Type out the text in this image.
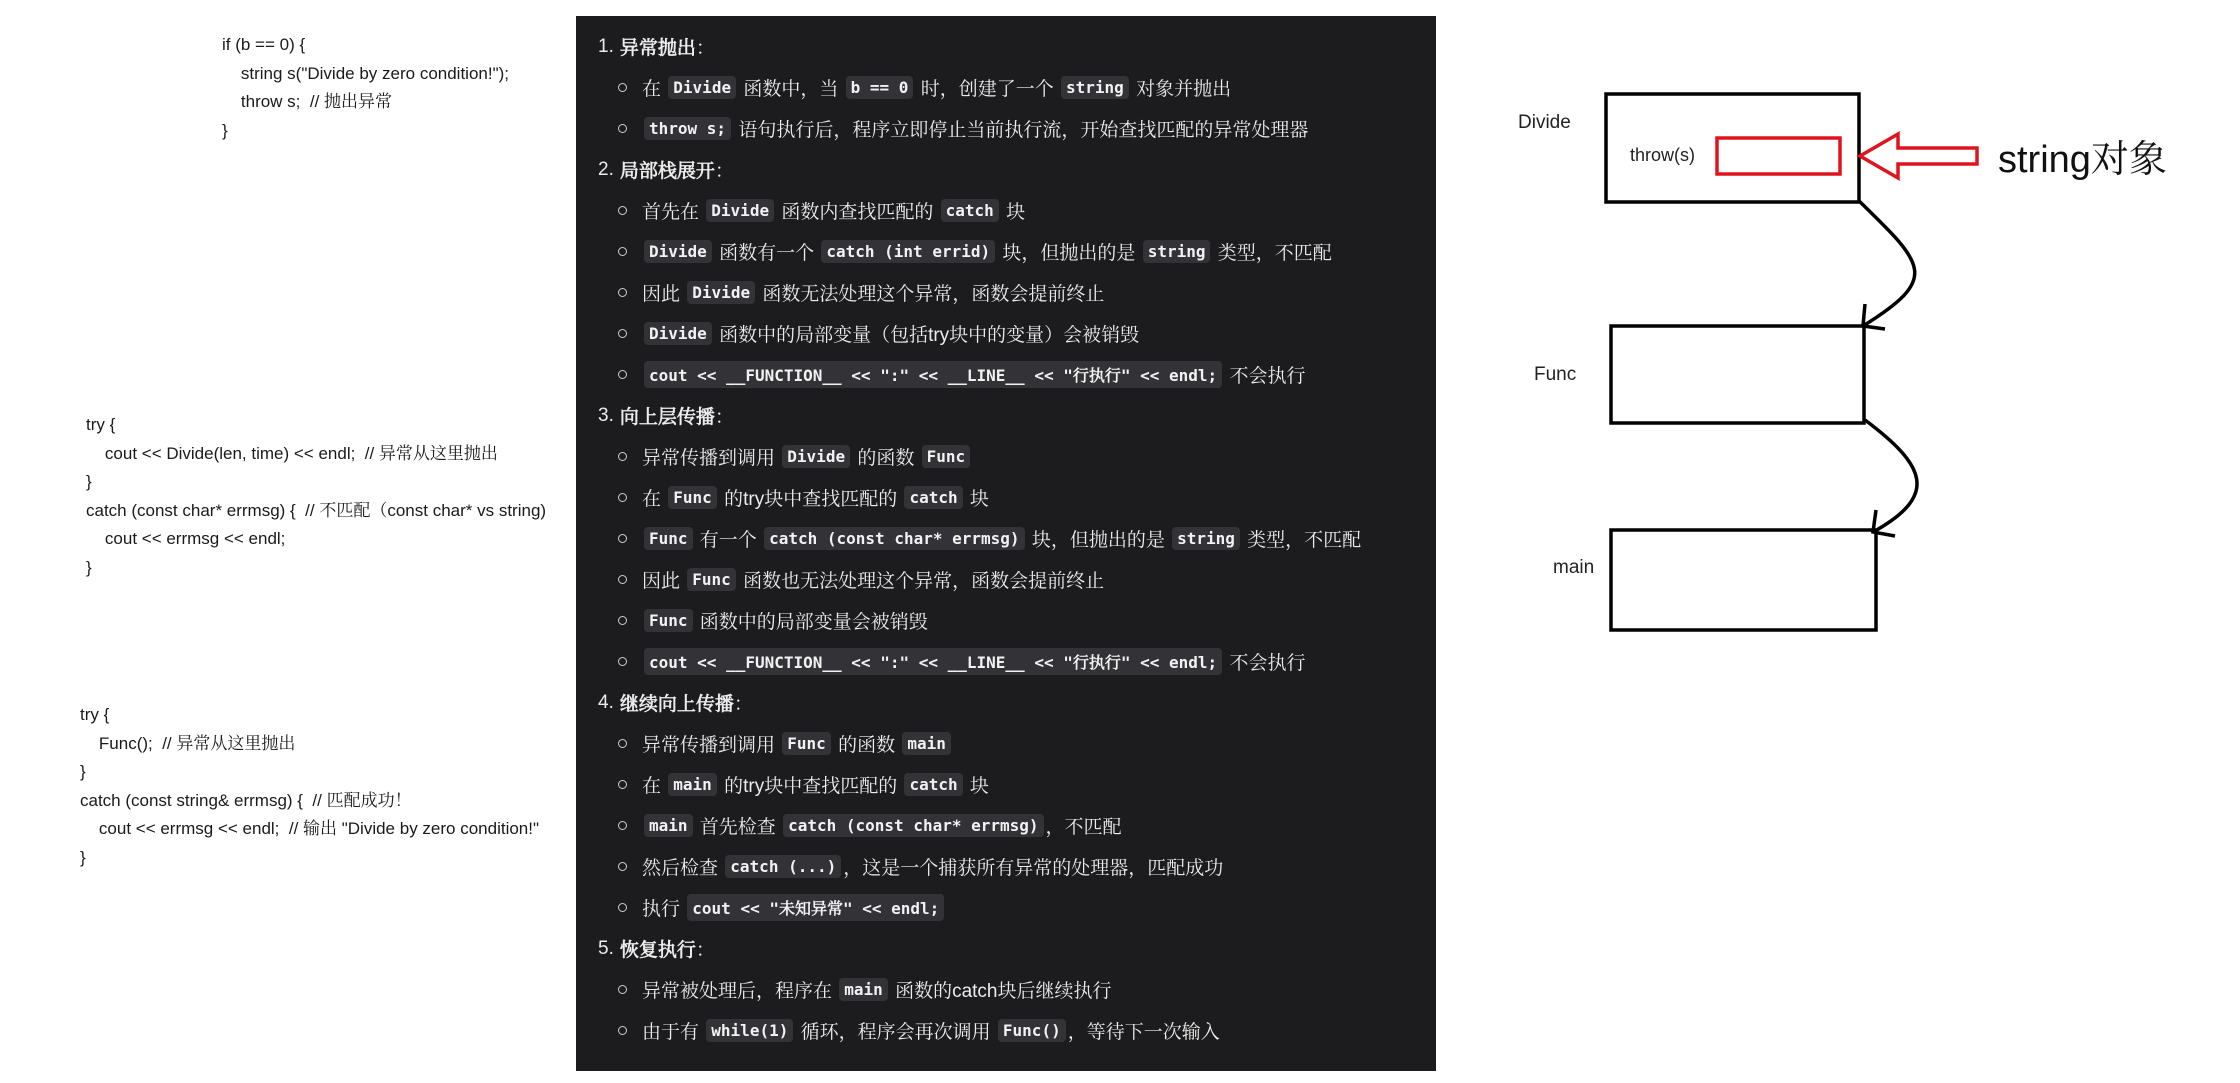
if (b == 0) {
string s("Divide by zero condition!");
throw s;  // 抛出异常
}
try {
cout << Divide(len, time) << endl;  // 异常从这里抛出
}
catch (const char* errmsg) {  // 不匹配（const char* vs string)
cout << errmsg << endl;
}
try {
Func();  // 异常从这里抛出
}
catch (const string& errmsg) {  // 匹配成功！
cout << errmsg << endl;  // 输出 "Divide by zero condition!"
}
1. 异常抛出 ：
在 Divide 函数中，当 b == 0 时，创建了一个 string 对象并抛出
throw s; 语句执行后，程序立即停止当前执行流，开始查找匹配的异常处理器
2. 局部栈展开 ：
首先在 Divide 函数内查找匹配的 catch 块
Divide 函数有一个 catch (int errid) 块，但抛出的是 string 类型，不匹配
因此 Divide 函数无法处理这个异常，函数会提前终止
Divide 函数中的局部变量（包括try块中的变量）会被销毁
cout << __FUNCTION__ << ":" << __LINE__ << "行执行" << endl; 不会执行
3. 向上层传播 ：
异常传播到调用 Divide 的函数 Func
在 Func 的try块中查找匹配的 catch 块
Func 有一个 catch (const char* errmsg) 块，但抛出的是 string 类型，不匹配
因此 Func 函数也无法处理这个异常，函数会提前终止
Func 函数中的局部变量会被销毁
cout << __FUNCTION__ << ":" << __LINE__ << "行执行" << endl; 不会执行
4. 继续向上传播 ：
异常传播到调用 Func 的函数 main
在 main 的try块中查找匹配的 catch 块
main 首先检查 catch (const char* errmsg) ，不匹配
然后检查 catch (...) ，这是一个捕获所有异常的处理器，匹配成功
执行 cout << "未知异常" << endl;
5. 恢复执行 ：
异常被处理后，程序在 main 函数的catch块后继续执行
由于有 while(1) 循环，程序会再次调用 Func() ，等待下一次输入
Divide
throw(s)
Func
main
string对象
